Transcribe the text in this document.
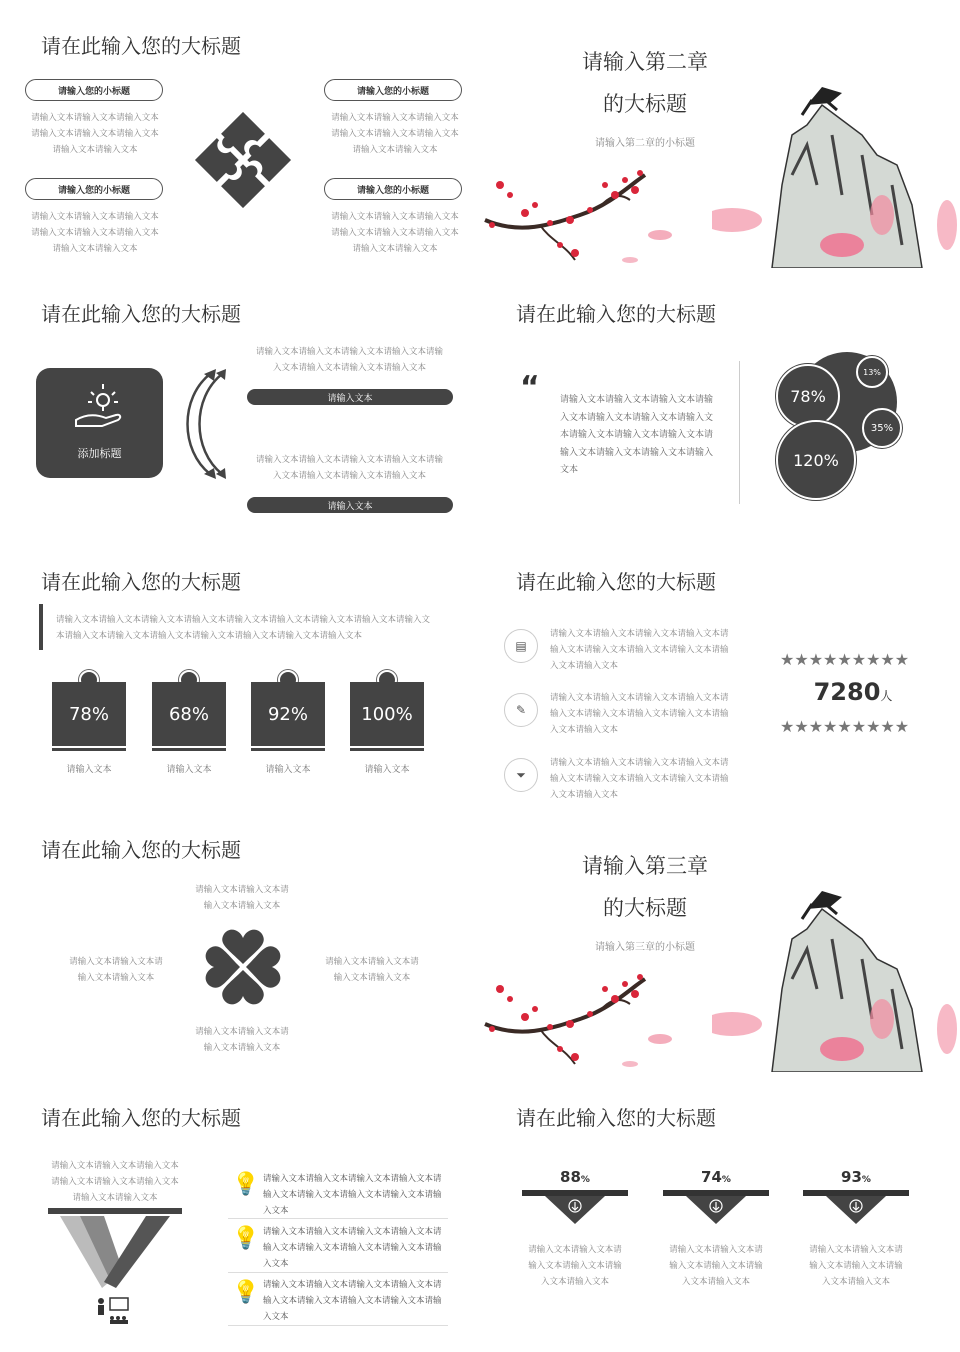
请在此输入您的大标题
请输入您的小标题
请输入文本请输入文本请输入文本请输入文本请输入文本请输入文本请输入文本请输入文本
请输入您的小标题
请输入文本请输入文本请输入文本请输入文本请输入文本请输入文本请输入文本请输入文本
请输入您的小标题
请输入文本请输入文本请输入文本请输入文本请输入文本请输入文本请输入文本请输入文本
请输入您的小标题
请输入文本请输入文本请输入文本请输入文本请输入文本请输入文本请输入文本请输入文本
请输入第二章
的大标题
请输入第二章的小标题
请在此输入您的大标题
添加标题
请输入文本请输入文本请输入文本请输入文本请输入文本请输入文本请输入文本请输入文本
请输入文本
请输入文本请输入文本请输入文本请输入文本请输入文本请输入文本请输入文本请输入文本
请输入文本
请在此输入您的大标题
“ 请输入文本请输入文本请输入文本请输入文本请输入文本请输入文本请输入文本请输入文本请输入文本请输入文本请输入文本请输入文本请输入文本请输入文本
78%
120%
13%
35%
请在此输入您的大标题
请输入文本请输入文本请输入文本请输入文本请输入文本请输入文本请输入文本请输入文本请输入文本请输入文本请输入文本请输入文本请输入文本请输入文本请输入文本请输入文本
78%
请输入文本
68%
请输入文本
92%
请输入文本
100%
请输入文本
请在此输入您的大标题
▤
请输入文本请输入文本请输入文本请输入文本请输入文本请输入文本请输入文本请输入文本请输入文本请输入文本
✎
请输入文本请输入文本请输入文本请输入文本请输入文本请输入文本请输入文本请输入文本请输入文本请输入文本
⏷
请输入文本请输入文本请输入文本请输入文本请输入文本请输入文本请输入文本请输入文本请输入文本请输入文本
★★★★★★★★★
7280人
★★★★★★★★★
请在此输入您的大标题
请输入文本请输入文本请输入文本请输入文本
请输入文本请输入文本请输入文本请输入文本
请输入文本请输入文本请输入文本请输入文本
请输入文本请输入文本请输入文本请输入文本
请输入第三章
的大标题
请输入第三章的小标题
请在此输入您的大标题
请输入文本请输入文本请输入文本请输入文本请输入文本请输入文本请输入文本请输入文本
💡 请输入文本请输入文本请输入文本请输入文本请输入文本请输入文本请输入文本请输入文本请输入文本
💡 请输入文本请输入文本请输入文本请输入文本请输入文本请输入文本请输入文本请输入文本请输入文本
💡 请输入文本请输入文本请输入文本请输入文本请输入文本请输入文本请输入文本请输入文本请输入文本
请在此输入您的大标题
88%
请输入文本请输入文本请输入文本请输入文本请输入文本请输入文本
74%
请输入文本请输入文本请输入文本请输入文本请输入文本请输入文本
93%
请输入文本请输入文本请输入文本请输入文本请输入文本请输入文本
